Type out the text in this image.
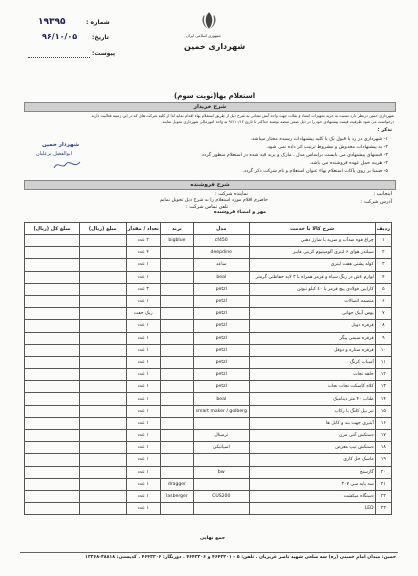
شماره :
۱۹۳۹۵
تاریخ:
۹۶/۱۰/۰۵
پیوست:
جمهوری اسلامی ایران
شهرداری خمین
استعلام بها(نوبت سوم)
شرح خریدار
شهرداری خمین درنظر دارد نسبت به خرید تجهیزات اسناد و نقلات جهت واحد آتش نشانی به شرح ذیل از طریق استعلام بهاء اقدام نماید لذا از کلیه شرکت های که در این زمینه فعالیت دارند
درخواست می شود ظرفیت قیمت پیشنهادی خود را در ذیل ضمن منضه نوشته حداکثر تا تاریخ ۹۶/۱۰/۱۲ به واحد امورمالی شهرداری تحویل نمایند.
تذکر :
۱- شهرداری در رد یا قبول یک یا کلیه پیشنهادات رسیده مختار میباشد.
۲- به پیشنهادات مخدوش و مشروط ترتیب اثر داده نمی شود.
۳- قیمتهای پیشنهادی می بایست براساس مدل ، مارک و برند قید شده در استعلام منظور گردد.
۴- هزینه حمل عهده فروشنده می باشد.
۵- ضمنا بر روی پاکات استعلام بهاء عنوان استعلام و نام شرکت ذکر گردد.
شهردار خمین
ابوالفضل بزعلیان
شرح فروشنده
اینجانب :
نماینده شرکت :
آدرس شرکت :
تلفن تماس شرکت :
حاضرم اقلام مورد استعلام را به شرح ذیل تحویل نمایم
مهر و امضاء فروشنده
ردیف	شرح کالا یا خدمت	مدل	برند	تعداد / مقدار	مبلغ (ریال)	مبلغ کل (ریال)
۱	چراغ قوه ضدآب و ضربه با شارژ دهنی	cf450	bigblue	۲ عدد		
۲	سیلندر هوای ۶ لیتری آلومینیوم کربنی فایبر	deepdine		۴ عدد		
۳	کوله پشتی هفت لیتری	ساعد		۱ عدد		
۴	لوازم ٤ش در رنگ سیاه و قرمز همراه با ۳ لایه حفاظتی گرمتر	beal		۱ عدد		
۵	کارابین فولادی پیچ قرمز با ٤۰ کیلو نیوتن	petzl		۳ عدد		
۶	منضمه اتصالات	petzl		۱ عدد		
۷	پوس آیبک جهانی	petzl		ریک جفت		
۸	قرقره دوبل	petzl		۱ عدد		
۹	قرقره سیمی پیگر	petzl		۱ عدد		
۱۰	قرقره ستاره و دوقل	petzl		۱ عدد		
۱۱	آسیاب کرنگ	petzl		۱ عدد		
۱۲	حلقه نجات	petzl		۱ عدد		
۱۳	کلاه کاسکت نجات نجات	petzl		۱ عدد		
۱۴	طناب ۴۰ متر دینامیک	beal		۱ عدد		
۱۵	تبر بیل کلنگ با رکاب	smart maker / golberg		۱ عدد		
۱۶	آبتیری جهت بند و کابل ها			۱ عدد		
۱۷	دستکش آنتی مزن	ترمینال		۱ عدد		
۱۸	دستکش تیپ معرض	اسپاتیکی		۱ عدد		
۱۹	ماسک حل کاری			۱ عدد		
۲۰	گازسنج	bw		۱ عدد		
۲۱	سه پایه سی ۳۰۷		dragger	۱ عدد		
۲۲	دستگاه میکشت	CUS200	lasberger	۱ عدد		
۲۳	LED			۱ عدد		
جمع نهایی
خمین: میدان امام خمینی (ره) سه ضلعی شهید ناصر عزیزیان . تلفن: ۵ - ۴۶۴۳۳۰۱ و ۴۶۴۳۳۰۶ . دورنگار: ۴۶۴۳۳۰۶ . کدپستی: ۳۸۸۱۸-۱۳۳۶۸
